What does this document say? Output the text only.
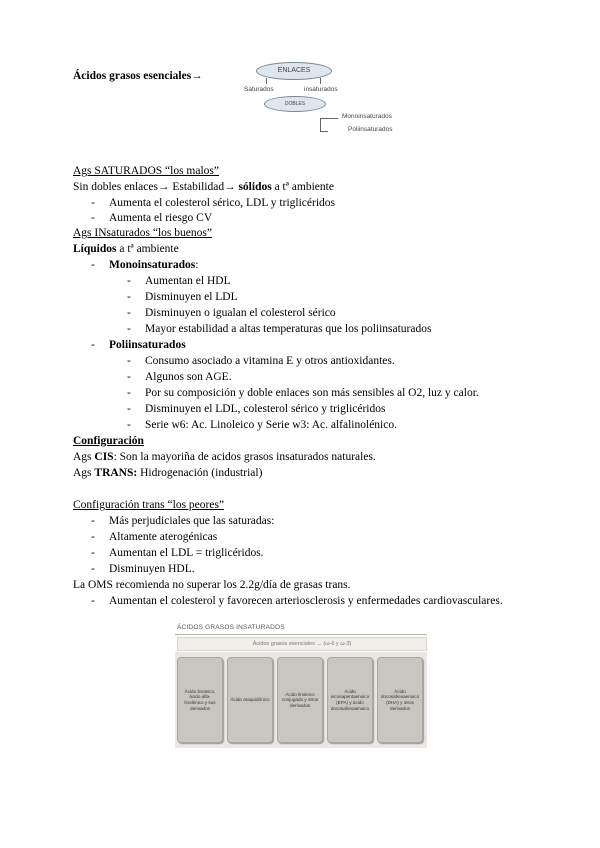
Ácidos grasos esenciales→	ENLACES
Saturados	insaturados
DOBLES
Monoinsaturados
Poliinsaturados
Ags SATURADOS “los malos”
Sin dobles enlaces→ Estabilidad→ sólidos a tª ambiente
- Aumenta el colesterol sérico, LDL y triglicéridos
- Aumenta el riesgo CV
Ags INsaturados “los buenos”
Líquidos a tª ambiente
- Monoinsaturados:
- Aumentan el HDL
- Disminuyen el LDL
- Disminuyen o igualan el colesterol sérico
- Mayor estabilidad a altas temperaturas que los poliinsaturados
- Poliinsaturados
- Consumo asociado a vitamina E y otros antioxidantes.
- Algunos son AGE.
- Por su composición y doble enlaces son más sensibles al O2, luz y calor.
- Disminuyen el LDL, colesterol sérico y triglicéridos
- Serie w6: Ac. Linoleico y Serie w3: Ac. alfalinolénico.
Configuración
Ags CIS: Son la mayoriña de acidos grasos insaturados naturales.
Ags TRANS: Hidrogenación (industrial)
Configuración trans “los peores”
- Más perjudiciales que las saturadas:
- Altamente aterogénicas
- Aumentan el LDL = triglicéridos.
- Disminuyen HDL.
La OMS recomienda no superar los 2.2g/día de grasas trans.
- Aumentan el colesterol y favorecen arteriosclerosis y enfermedades cardiovasculares.
ÁCIDOS GRASOS INSATURADOS
Ácidos grasos esenciales → (ω-6 y ω-3)
Ácido linoleico, ácido alfa-linolénico y sus derivados
Ácido araquidónico
Ácido linoleico conjugado y otros derivados
Ácido eicosapentaenoico (EPA) y ácido docosahexaenoico
Ácido docosahexaenoico (DHA) y otros derivados
